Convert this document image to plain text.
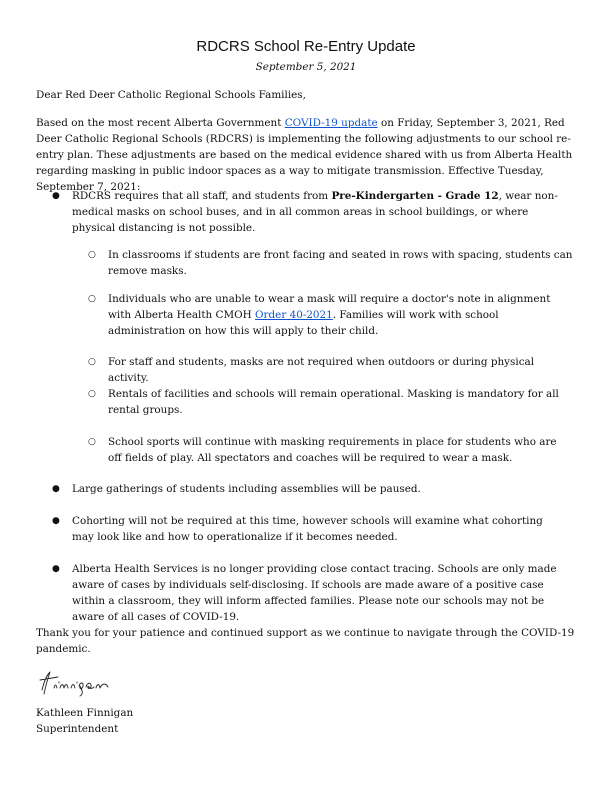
RDCRS School Re-Entry Update
September 5, 2021
Dear Red Deer Catholic Regional Schools Families,
Based on the most recent Alberta Government COVID-19 update on Friday, September 3, 2021, Red Deer Catholic Regional Schools (RDCRS) is implementing the following adjustments to our school re-entry plan. These adjustments are based on the medical evidence shared with us from Alberta Health regarding masking in public indoor spaces as a way to mitigate transmission. Effective Tuesday, September 7, 2021:
●	RDCRS requires that all staff, and students from Pre-Kindergarten - Grade 12, wear non-medical masks on school buses, and in all common areas in school buildings, or where physical distancing is not possible.
○	In classrooms if students are front facing and seated in rows with spacing, students can remove masks.
○	Individuals who are unable to wear a mask will require a doctor's note in alignment with Alberta Health CMOH Order 40-2021. Families will work with school administration on how this will apply to their child.
○	For staff and students, masks are not required when outdoors or during physical activity.
○	Rentals of facilities and schools will remain operational. Masking is mandatory for all rental groups.
○	School sports will continue with masking requirements in place for students who are off fields of play. All spectators and coaches will be required to wear a mask.
●	Large gatherings of students including assemblies will be paused.
●	Cohorting will not be required at this time, however schools will examine what cohorting may look like and how to operationalize if it becomes needed.
●	Alberta Health Services is no longer providing close contact tracing. Schools are only made aware of cases by individuals self-disclosing. If schools are made aware of a positive case within a classroom, they will inform affected families. Please note our schools may not be aware of all cases of COVID-19.
Thank you for your patience and continued support as we continue to navigate through the COVID-19 pandemic.
Kathleen Finnigan
Superintendent
